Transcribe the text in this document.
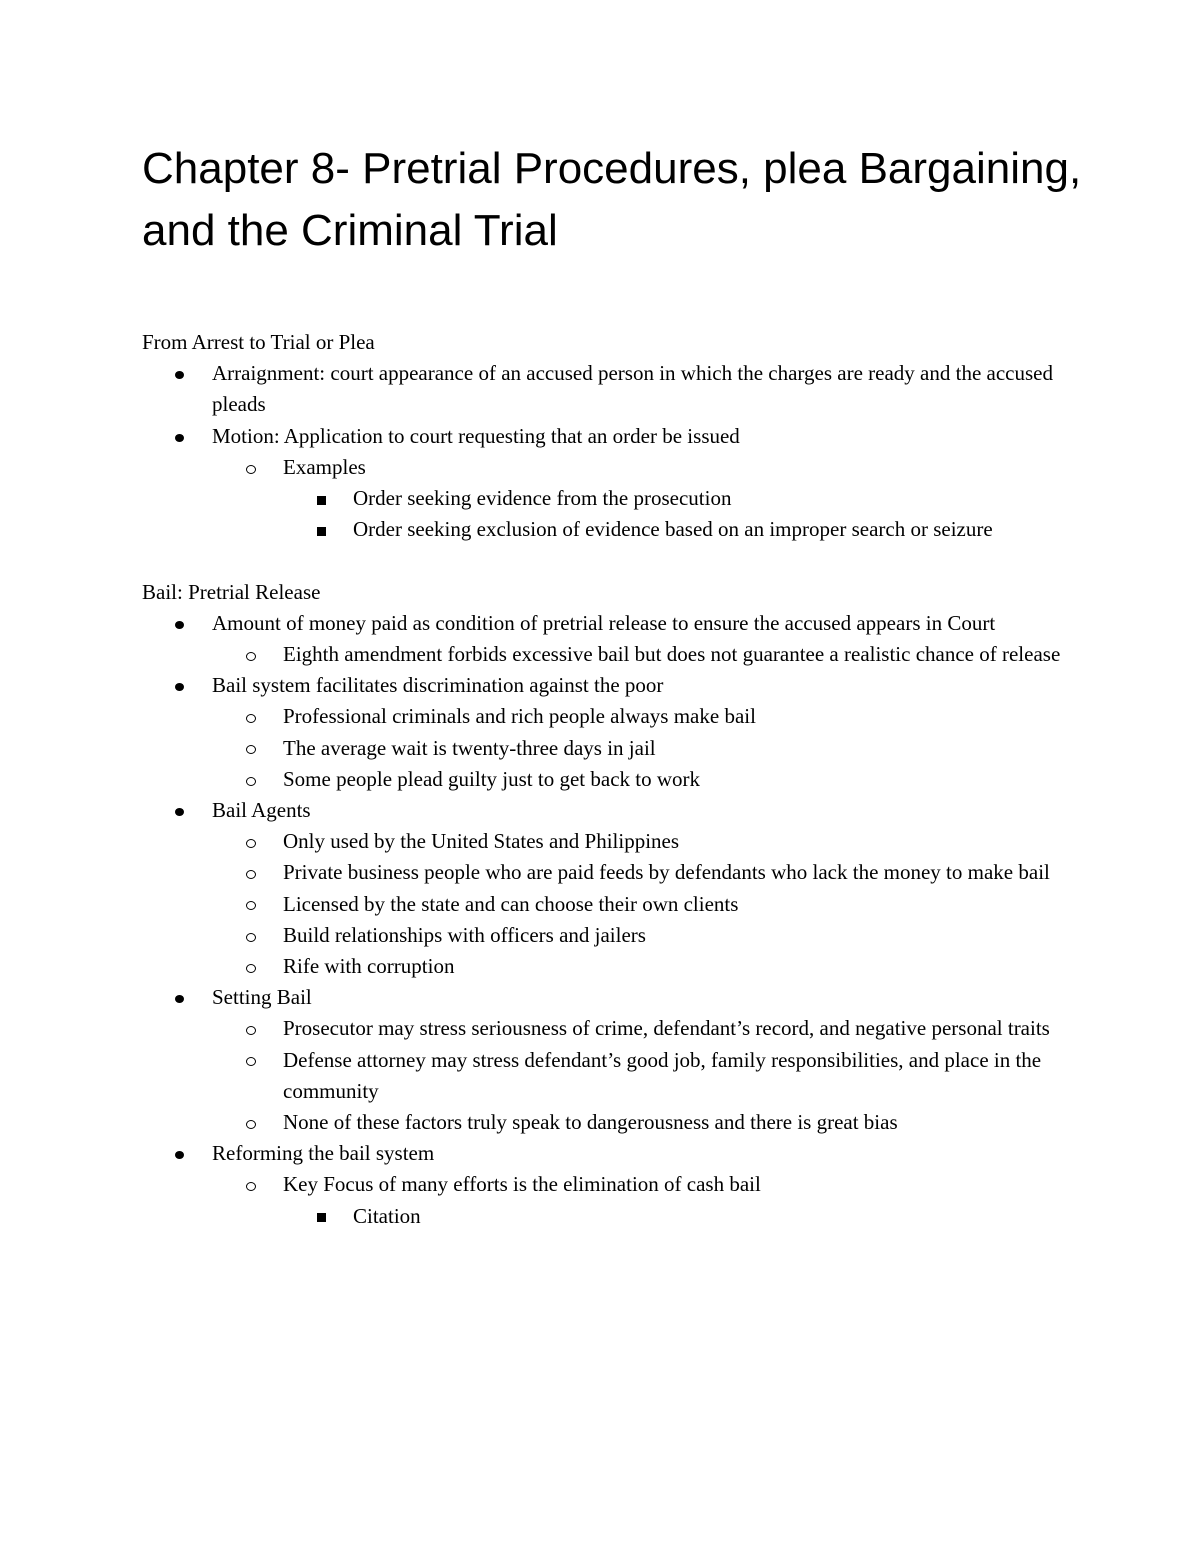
Chapter 8- Pretrial Procedures, plea Bargaining, and the Criminal Trial

From Arrest to Trial or Plea

Arraignment: court appearance of an accused person in which the charges are ready and the accused pleads
Motion: Application to court requesting that an order be issued
Examples
Order seeking evidence from the prosecution
Order seeking exclusion of evidence based on an improper search or seizure

Bail: Pretrial Release

Amount of money paid as condition of pretrial release to ensure the accused appears in Court
Eighth amendment forbids excessive bail but does not guarantee a realistic chance of release
Bail system facilitates discrimination against the poor
Professional criminals and rich people always make bail
The average wait is twenty-three days in jail
Some people plead guilty just to get back to work
Bail Agents
Only used by the United States and Philippines
Private business people who are paid feeds by defendants who lack the money to make bail
Licensed by the state and can choose their own clients
Build relationships with officers and jailers
Rife with corruption
Setting Bail
Prosecutor may stress seriousness of crime, defendant’s record, and negative personal traits
Defense attorney may stress defendant’s good job, family responsibilities, and place in the community
None of these factors truly speak to dangerousness and there is great bias
Reforming the bail system
Key Focus of many efforts is the elimination of cash bail
Citation
